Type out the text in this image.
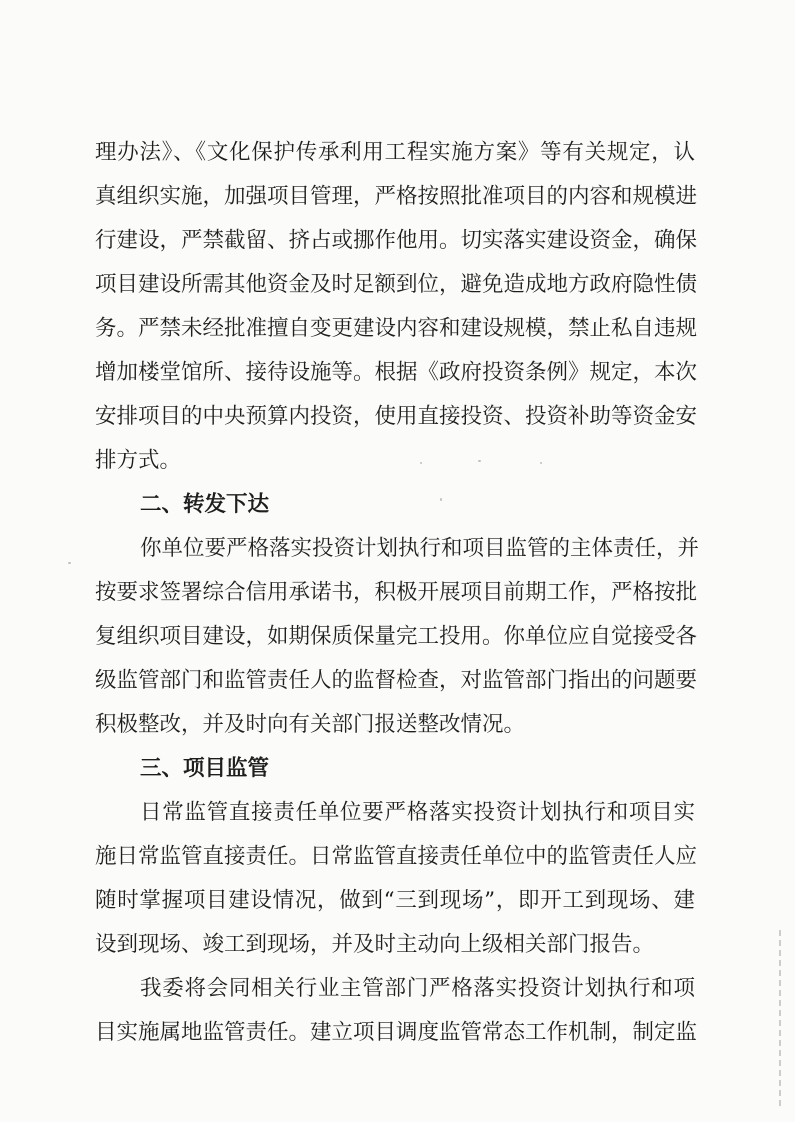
理办法》、《文化保护传承利用工程实施方案》等有关规定，认
真组织实施，加强项目管理，严格按照批准项目的内容和规模进
行建设，严禁截留、挤占或挪作他用。切实落实建设资金，确保
项目建设所需其他资金及时足额到位，避免造成地方政府隐性债
务。严禁未经批准擅自变更建设内容和建设规模，禁止私自违规
增加楼堂馆所、接待设施等。根据《政府投资条例》规定，本次
安排项目的中央预算内投资，使用直接投资、投资补助等资金安
排方式。
二、转发下达
你单位要严格落实投资计划执行和项目监管的主体责任，并
按要求签署综合信用承诺书，积极开展项目前期工作，严格按批
复组织项目建设，如期保质保量完工投用。你单位应自觉接受各
级监管部门和监管责任人的监督检查，对监管部门指出的问题要
积极整改，并及时向有关部门报送整改情况。
三、项目监管
日常监管直接责任单位要严格落实投资计划执行和项目实
施日常监管直接责任。日常监管直接责任单位中的监管责任人应
随时掌握项目建设情况，做到“三到现场”，即开工到现场、建
设到现场、竣工到现场，并及时主动向上级相关部门报告。
我委将会同相关行业主管部门严格落实投资计划执行和项
目实施属地监管责任。建立项目调度监管常态工作机制，制定监
